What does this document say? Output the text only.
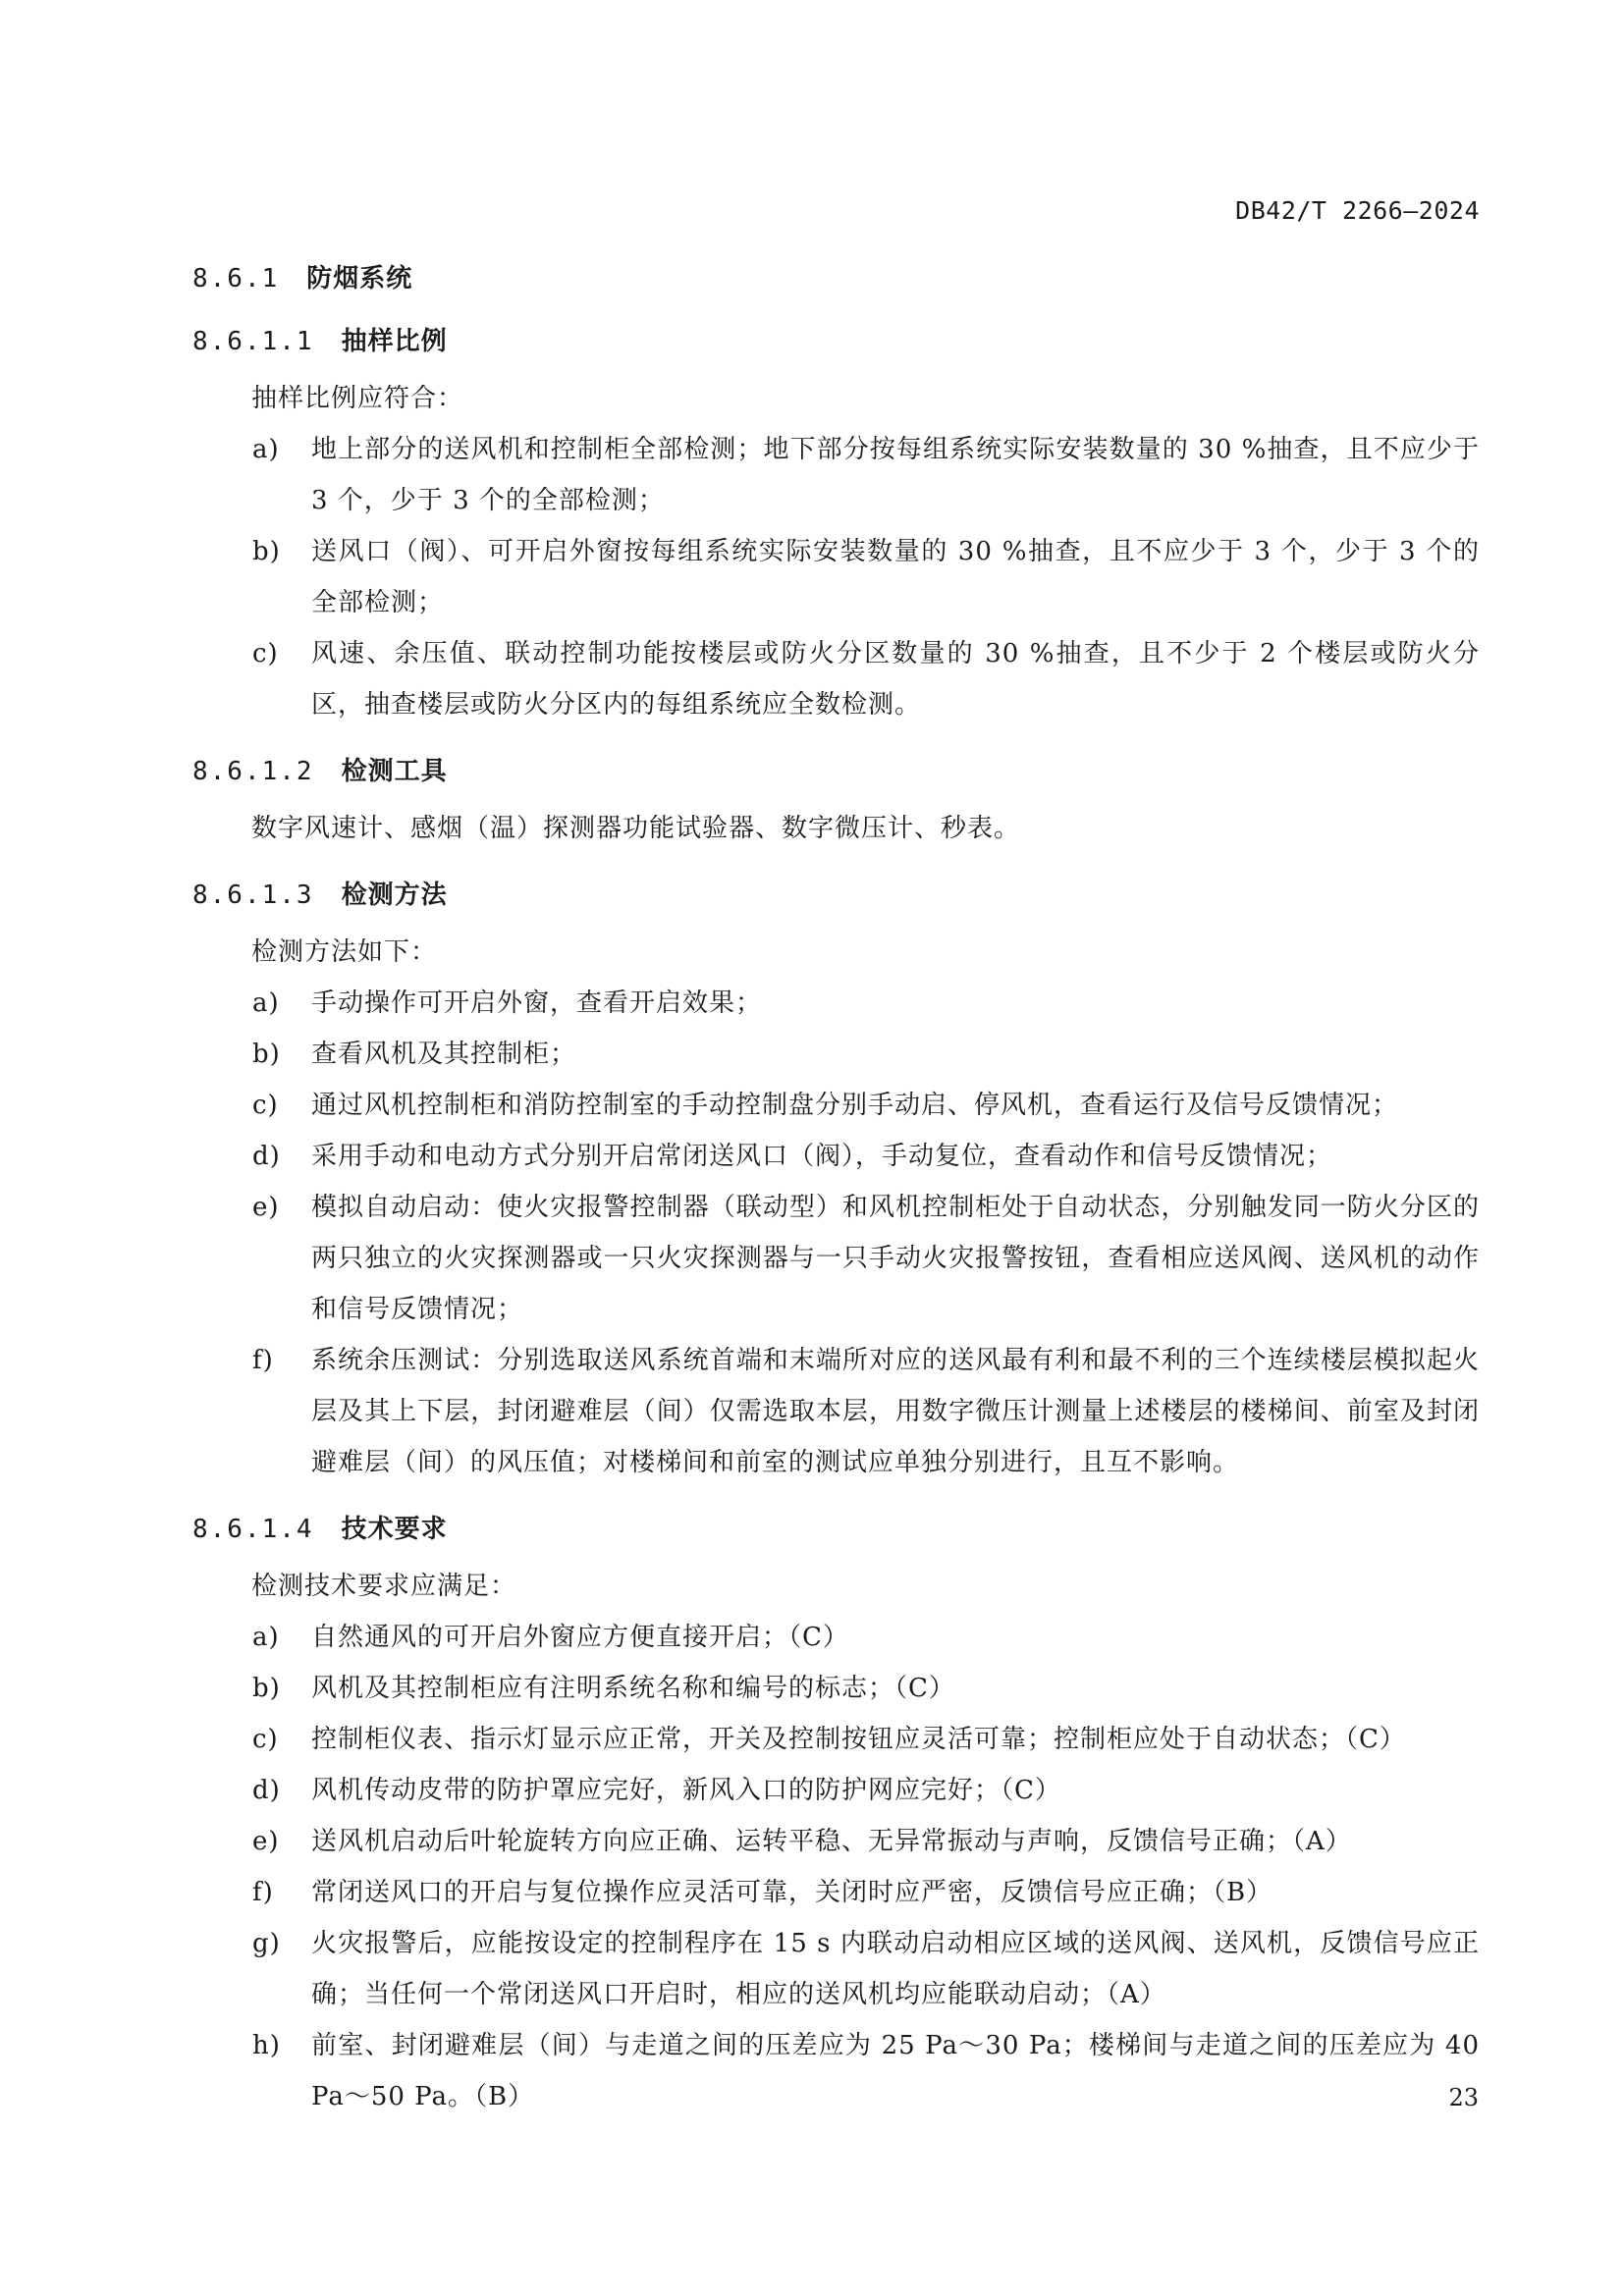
DB42/T 2266—2024
8.6.1 防烟系统
8.6.1.1 抽样比例
抽样比例应符合：
a)	地上部分的送风机和控制柜全部检测；地下部分按每组系统实际安装数量的 30 %抽查，且不应少于 3 个，少于 3 个的全部检测；
b)	送风口（阀）、可开启外窗按每组系统实际安装数量的 30 %抽查，且不应少于 3 个，少于 3 个的全部检测；
c)	风速、余压值、联动控制功能按楼层或防火分区数量的 30 %抽查，且不少于 2 个楼层或防火分区，抽查楼层或防火分区内的每组系统应全数检测。
8.6.1.2 检测工具
数字风速计、感烟（温）探测器功能试验器、数字微压计、秒表。
8.6.1.3 检测方法
检测方法如下：
a)	手动操作可开启外窗，查看开启效果；
b)	查看风机及其控制柜；
c)	通过风机控制柜和消防控制室的手动控制盘分别手动启、停风机，查看运行及信号反馈情况；
d)	采用手动和电动方式分别开启常闭送风口（阀），手动复位，查看动作和信号反馈情况；
e)	模拟自动启动：使火灾报警控制器（联动型）和风机控制柜处于自动状态，分别触发同一防火分区的两只独立的火灾探测器或一只火灾探测器与一只手动火灾报警按钮，查看相应送风阀、送风机的动作和信号反馈情况；
f)	系统余压测试：分别选取送风系统首端和末端所对应的送风最有利和最不利的三个连续楼层模拟起火层及其上下层，封闭避难层（间）仅需选取本层，用数字微压计测量上述楼层的楼梯间、前室及封闭避难层（间）的风压值；对楼梯间和前室的测试应单独分别进行，且互不影响。
8.6.1.4 技术要求
检测技术要求应满足：
a)	自然通风的可开启外窗应方便直接开启；（C）
b)	风机及其控制柜应有注明系统名称和编号的标志；（C）
c)	控制柜仪表、指示灯显示应正常，开关及控制按钮应灵活可靠；控制柜应处于自动状态；（C）
d)	风机传动皮带的防护罩应完好，新风入口的防护网应完好；（C）
e)	送风机启动后叶轮旋转方向应正确、运转平稳、无异常振动与声响，反馈信号正确；（A）
f)	常闭送风口的开启与复位操作应灵活可靠，关闭时应严密，反馈信号应正确；（B）
g)	火灾报警后，应能按设定的控制程序在 15 s 内联动启动相应区域的送风阀、送风机，反馈信号应正确；当任何一个常闭送风口开启时，相应的送风机均应能联动启动；（A）
h)	前室、封闭避难层（间）与走道之间的压差应为 25 Pa～30 Pa；楼梯间与走道之间的压差应为 40 Pa～50 Pa。（B）	23
